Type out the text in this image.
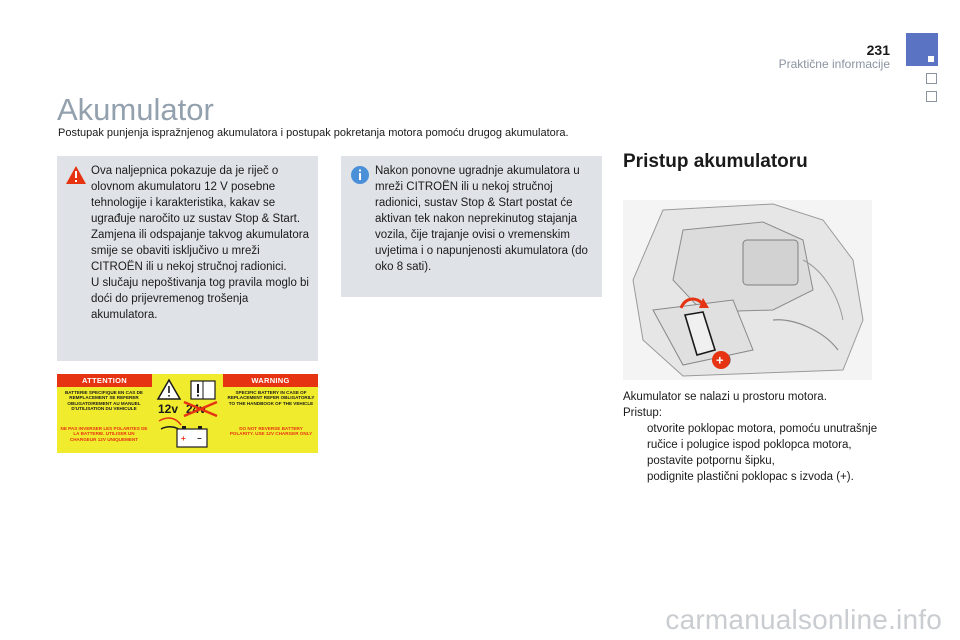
231
Praktične informacije
Akumulator
Postupak punjenja ispražnjenog akumulatora i postupak pokretanja motora pomoću drugog akumulatora.

Ova naljepnica pokazuje da je riječ o olovnom akumulatoru 12 V posebne tehnologije i karakteristika, kakav se ugrađuje naročito uz sustav Stop & Start. Zamjena ili odspajanje takvog akumulatora smije se obaviti isključivo u mreži CITROËN ili u nekoj stručnoj radionici.

U slučaju nepoštivanja tog pravila moglo bi doći do prijevremenog trošenja akumulatora.

Nakon ponovne ugradnje akumulatora u mreži CITROËN ili u nekoj stručnoj radionici, sustav Stop & Start postat će aktivan tek nakon neprekinutog stajanja vozila, čije trajanje ovisi o vremenskim uvjetima i o napunjenosti akumulatora (do oko 8 sati).

ATTENTION	WARNING
BATTERIE SPECIFIQUE EN CAS DE REMPLACEMENT SE REFERER OBLIGATOIREMENT AU MANUEL D'UTILISATION DU VEHICULE
NE PAS INVERSER LES POLARITES DE LA BATTERIE. UTILISER UN CHARGEUR 12V UNIQUEMENT
SPECIFIC BATTERY IN CASE OF REPLACEMENT REFER OBLIGATORILY TO THE HANDBOOK OF THE VEHICLE
DO NOT REVERSE BATTERY POLARITY. USE 12V CHARGER ONLY
12v 24v
+ −
Pristup akumulatoru
+

Akumulator se nalazi u prostoru motora.

Pristup:

otvorite poklopac motora, pomoću unutrašnje ručice i polugice ispod poklopca motora,

postavite potpornu šipku,

podignite plastični poklopac s izvoda (+).

carmanualsonline.info
